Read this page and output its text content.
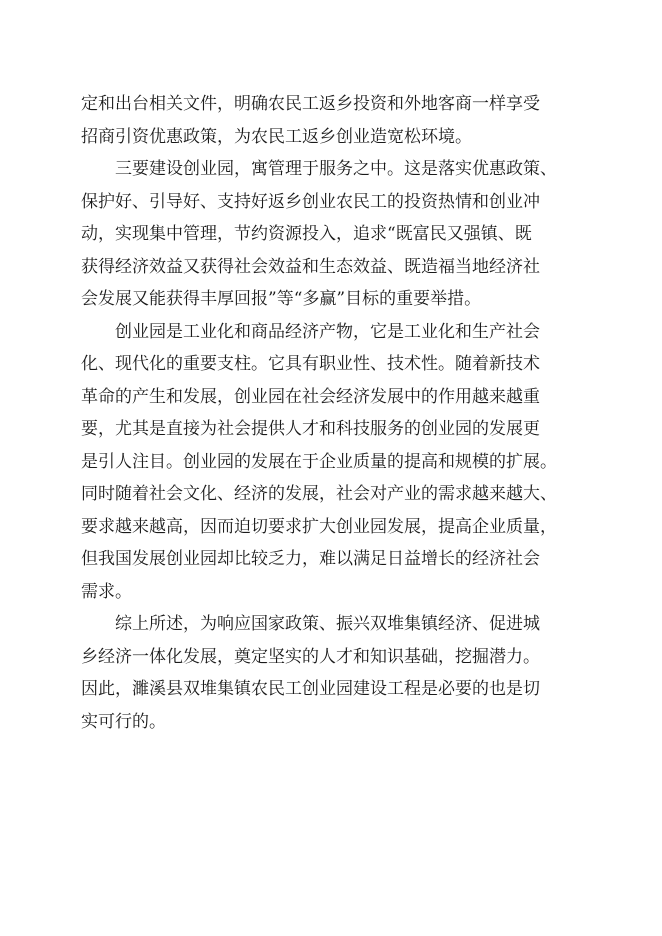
定和出台相关文件，明确农民工返乡投资和外地客商一样享受
招商引资优惠政策，为农民工返乡创业造宽松环境。
三要建设创业园，寓管理于服务之中。这是落实优惠政策、
保护好、引导好、支持好返乡创业农民工的投资热情和创业冲
动，实现集中管理，节约资源投入，追求“既富民又强镇、既
获得经济效益又获得社会效益和生态效益、既造福当地经济社
会发展又能获得丰厚回报”等“多赢”目标的重要举措。
创业园是工业化和商品经济产物，它是工业化和生产社会
化、现代化的重要支柱。它具有职业性、技术性。随着新技术
革命的产生和发展，创业园在社会经济发展中的作用越来越重
要，尤其是直接为社会提供人才和科技服务的创业园的发展更
是引人注目。创业园的发展在于企业质量的提高和规模的扩展。
同时随着社会文化、经济的发展，社会对产业的需求越来越大、
要求越来越高，因而迫切要求扩大创业园发展，提高企业质量，
但我国发展创业园却比较乏力，难以满足日益增长的经济社会
需求。
综上所述，为响应国家政策、振兴双堆集镇经济、促进城
乡经济一体化发展，奠定坚实的人才和知识基础，挖掘潜力。
因此，濉溪县双堆集镇农民工创业园建设工程是必要的也是切
实可行的。
